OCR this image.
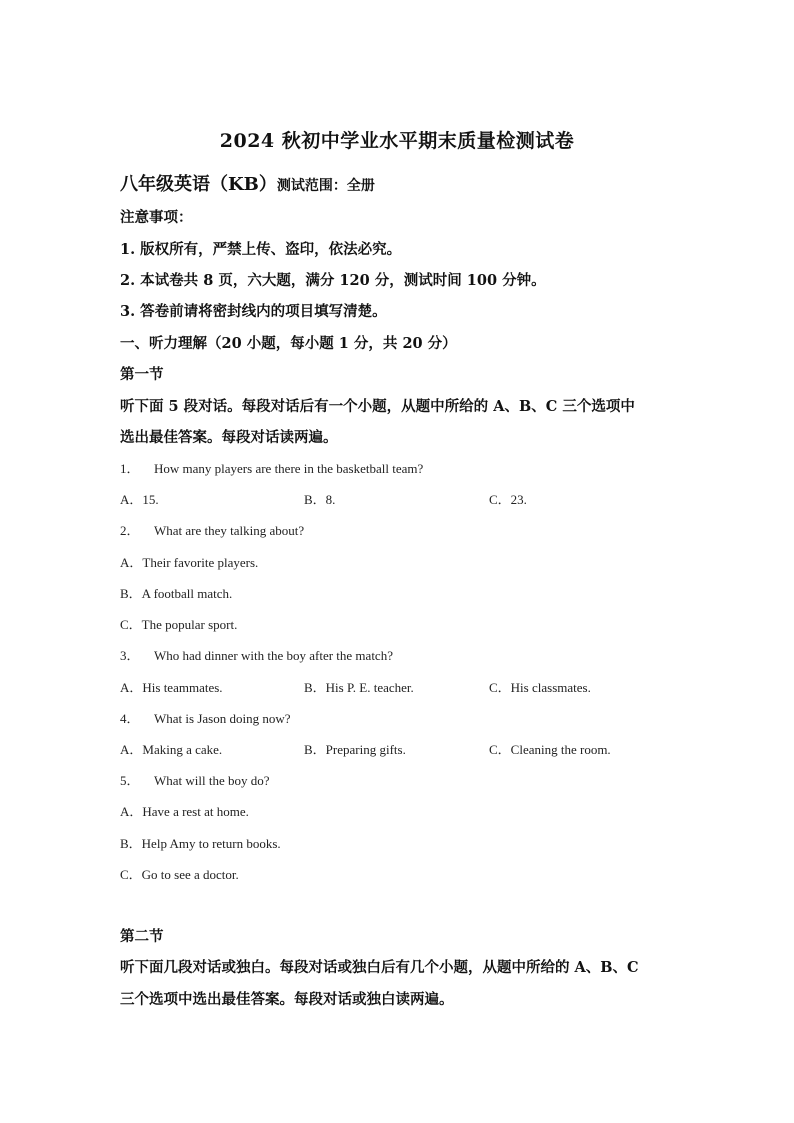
2024 秋初中学业水平期末质量检测试卷
八年级英语（KB）测试范围：全册
注意事项：
1. 版权所有，严禁上传、盗印，依法必究。
2. 本试卷共 8 页，六大题，满分 120 分，测试时间 100 分钟。
3. 答卷前请将密封线内的项目填写清楚。
一、听力理解（20 小题，每小题 1 分，共 20 分）
第一节
听下面 5 段对话。每段对话后有一个小题，从题中所给的 A、B、C 三个选项中
选出最佳答案。每段对话读两遍。
1． How many players are there in the basketball team?
A．15.	B．8.	C．23.
2． What are they talking about?
A．Their favorite players.
B．A football match.
C．The popular sport.
3． Who had dinner with the boy after the match?
A．His teammates.	B．His P. E. teacher.	C．His classmates.
4． What is Jason doing now?
A．Making a cake.	B．Preparing gifts.	C．Cleaning the room.
5． What will the boy do?
A．Have a rest at home.
B．Help Amy to return books.
C．Go to see a doctor.
第二节
听下面几段对话或独白。每段对话或独白后有几个小题，从题中所给的 A、B、C
三个选项中选出最佳答案。每段对话或独白读两遍。
